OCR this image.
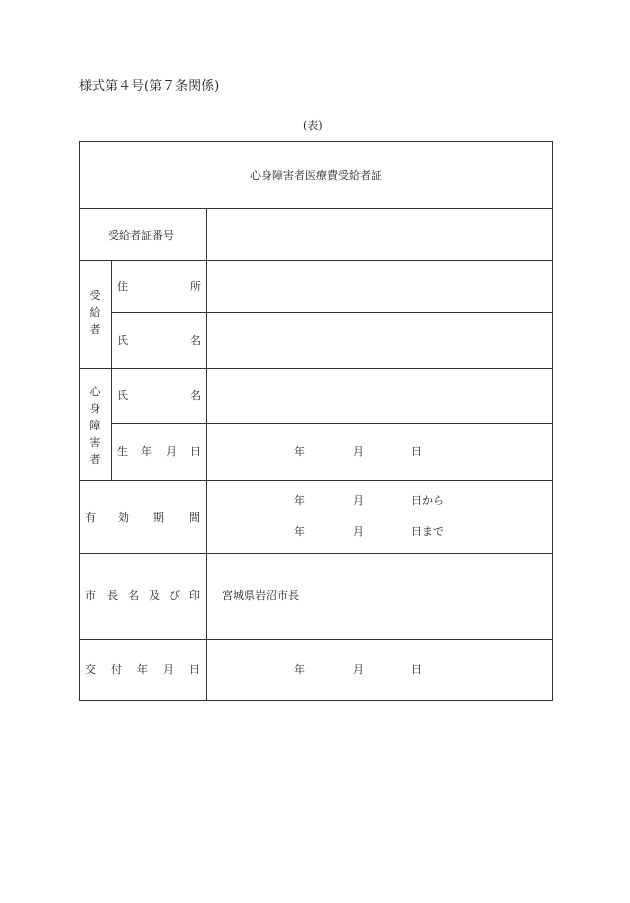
様式第４号(第７条関係)
(表)
心身障害者医療費受給者証
受給者証番号
受給者
住	所
氏	名
心身障害者
氏	名
生 年 月 日	年	月	日
有 効 期 間
年	月	日から
年	月	日まで
市 長 名 及 び 印 宮城県岩沼市長
交 付 年 月 日	年	月	日
